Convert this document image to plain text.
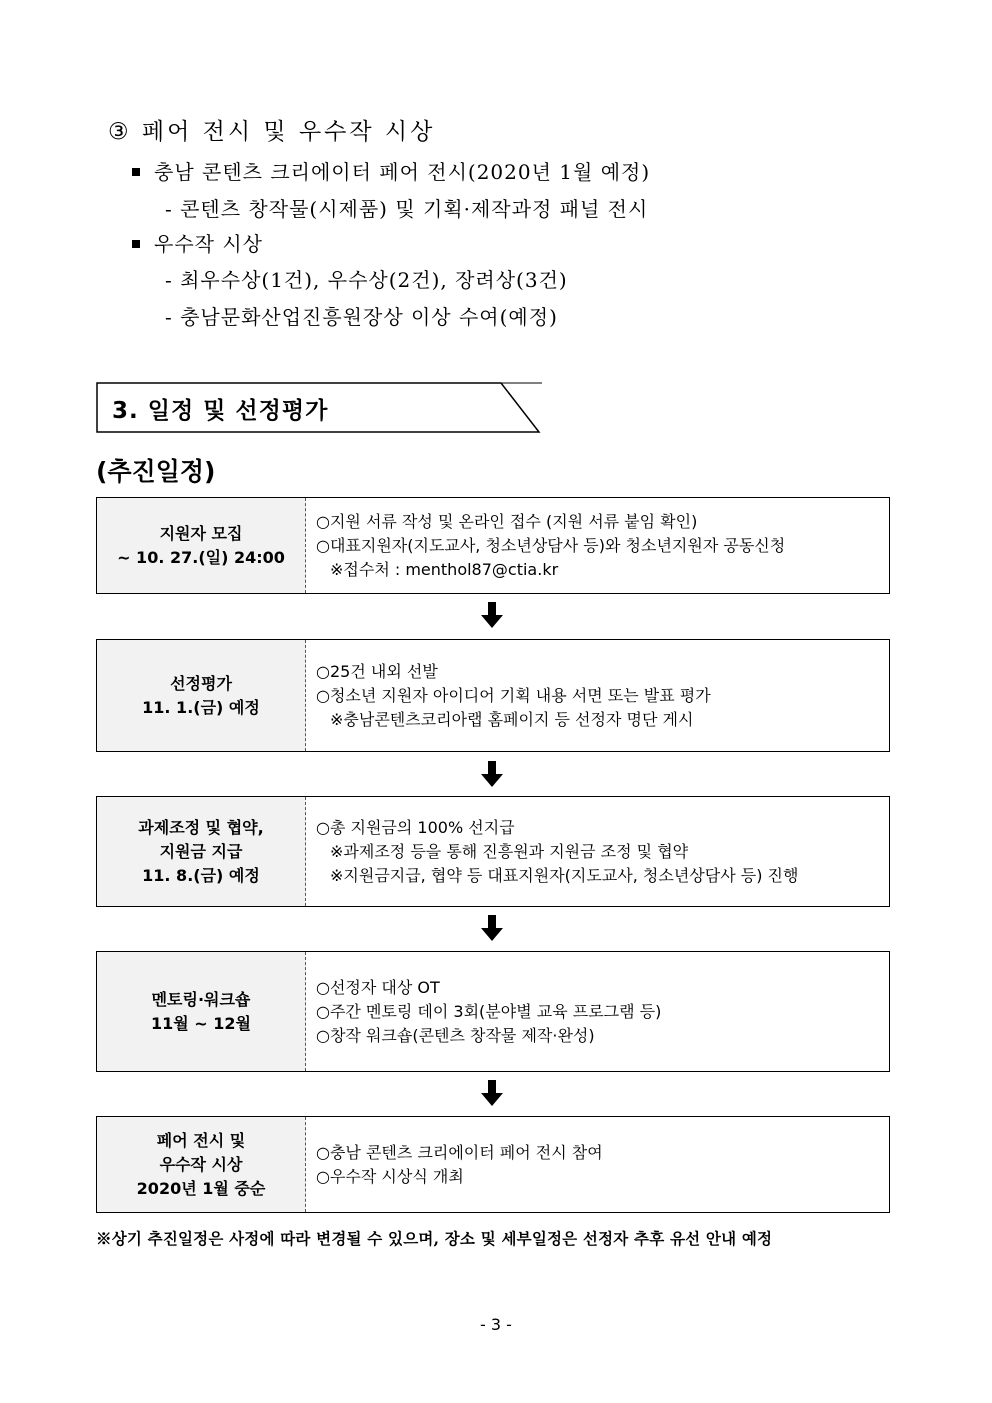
③ 페어 전시 및 우수작 시상
충남 콘텐츠 크리에이터 페어 전시(2020년 1월 예정)
- 콘텐츠 창작물(시제품) 및 기획·제작과정 패널 전시
우수작 시상
- 최우수상(1건), 우수상(2건), 장려상(3건)
- 충남문화산업진흥원장상 이상 수여(예정)
3. 일정 및 선정평가
(추진일정)
지원자 모집
~ 10. 27.(일) 24:00
○지원 서류 작성 및 온라인 접수 (지원 서류 붙임 확인)
○대표지원자(지도교사, 청소년상담사 등)와 청소년지원자 공동신청
※접수처 : menthol87@ctia.kr
선정평가
11. 1.(금) 예정
○25건 내외 선발
○청소년 지원자 아이디어 기획 내용 서면 또는 발표 평가
※충남콘텐츠코리아랩 홈페이지 등 선정자 명단 게시
과제조정 및 협약,
지원금 지급
11. 8.(금) 예정
○총 지원금의 100% 선지급
※과제조정 등을 통해 진흥원과 지원금 조정 및 협약
※지원금지급, 협약 등 대표지원자(지도교사, 청소년상담사 등) 진행
멘토링·워크숍
11월 ~ 12월
○선정자 대상 OT
○주간 멘토링 데이 3회(분야별 교육 프로그램 등)
○창작 워크숍(콘텐츠 창작물 제작·완성)
페어 전시 및
우수작 시상
2020년 1월 중순
○충남 콘텐츠 크리에이터 페어 전시 참여
○우수작 시상식 개최
※상기 추진일정은 사정에 따라 변경될 수 있으며, 장소 및 세부일정은 선정자 추후 유선 안내 예정
- 3 -
